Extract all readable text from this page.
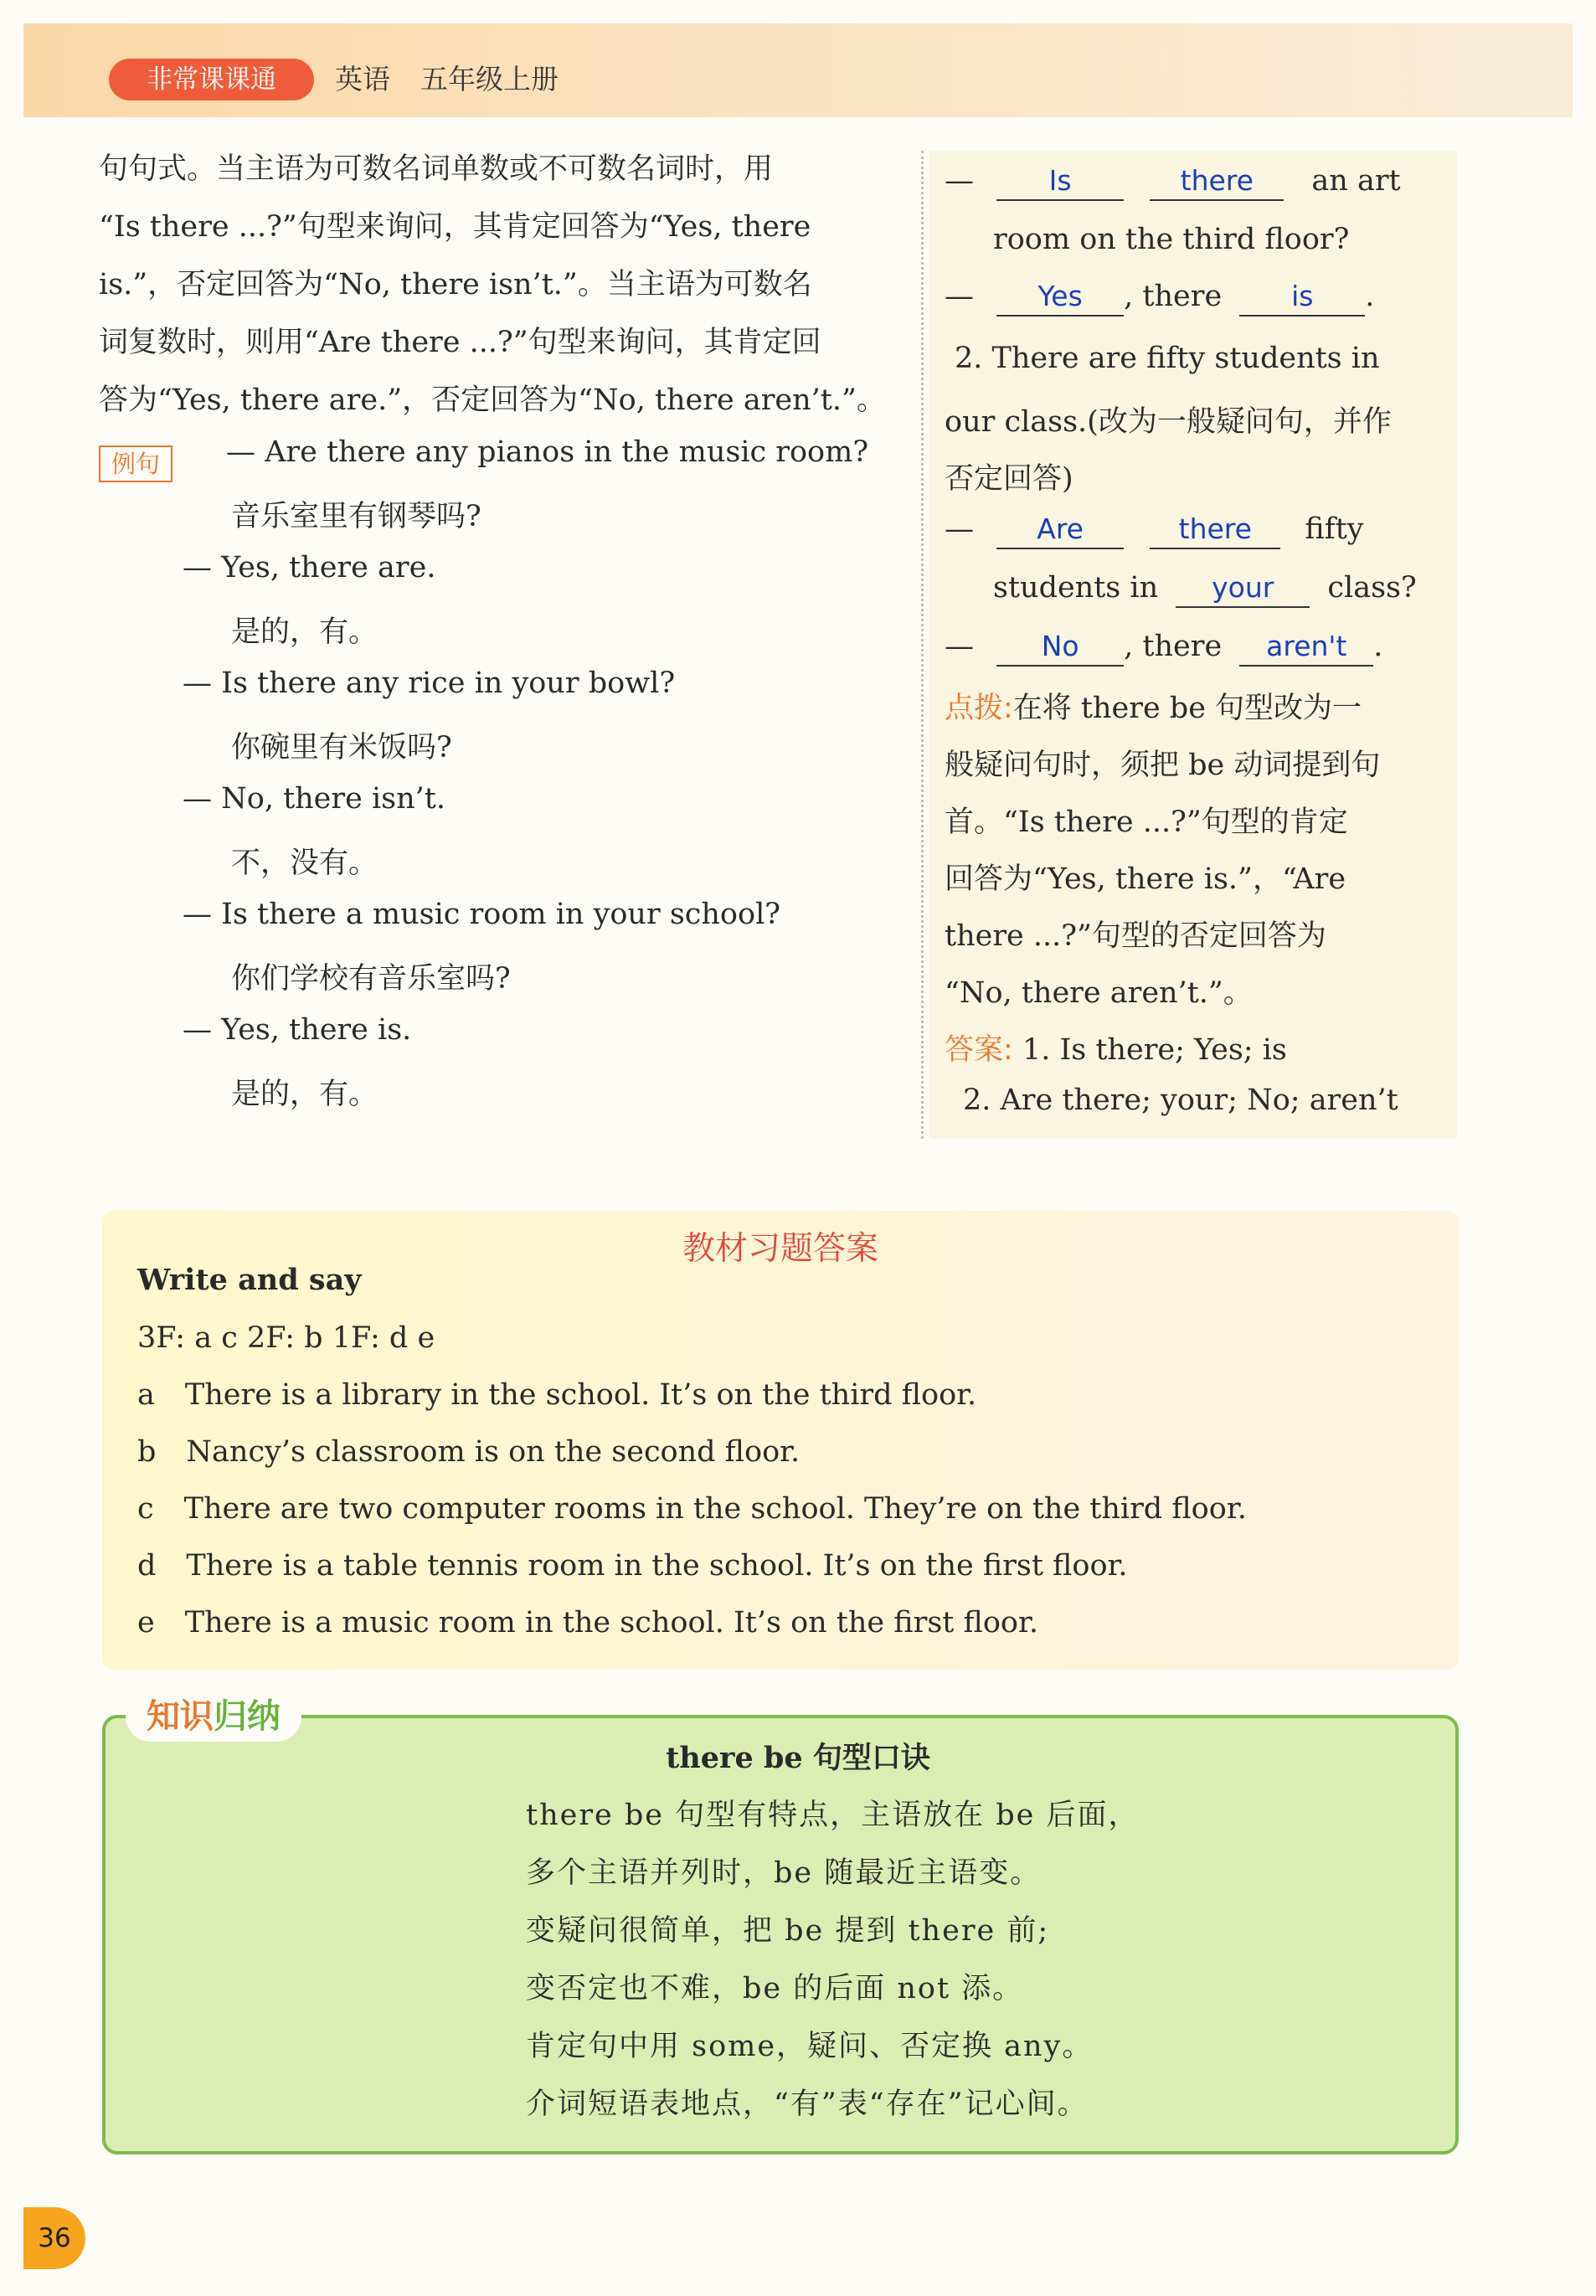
非常课课通	英语 五年级上册

句句式。当主语为可数名词单数或不可数名词时，用

“Is there ...?”句型来询问，其肯定回答为“Yes, there

is.”，否定回答为“No, there isn’t.”。当主语为可数名

词复数时，则用“Are there ...?”句型来询问，其肯定回

答为“Yes, there are.”，否定回答为“No, there aren’t.”。

例句	— Are there any pianos in the music room?
音乐室里有钢琴吗?
— Yes, there are.
是的，有。
— Is there any rice in your bowl?
你碗里有米饭吗?
— No, there isn’t.
不，没有。
— Is there a music room in your school?
你们学校有音乐室吗?
— Yes, there is.
是的，有。
—	Is	there an art
room on the third floor?
— Yes , there	is .
2. There are fifty students in
our class.(改为一般疑问句，并作
否定回答)
— Are	there fifty
students in your class?
— No , there aren't .
点拨:在将 there be 句型改为一
般疑问句时，须把 be 动词提到句
首。“Is there ...?”句型的肯定
回答为“Yes, there is.”，“Are
there ...?”句型的否定回答为
“No, there aren’t.”。
答案: 1. Is there; Yes; is
2. Are there; your; No; aren’t
教材习题答案
Write and say
3F: a c 2F: b 1F: d e
a There is a library in the school. It’s on the third floor.
b Nancy’s classroom is on the second floor.
c There are two computer rooms in the school. They’re on the third floor.
d There is a table tennis room in the school. It’s on the first floor.
e There is a music room in the school. It’s on the first floor.
知识归纳
there be 句型口诀
there be 句型有特点，主语放在 be 后面，
多个主语并列时，be 随最近主语变。
变疑问很简单，把 be 提到 there 前;
变否定也不难，be 的后面 not 添。
肯定句中用 some，疑问、否定换 any。
介词短语表地点，“有”表“存在”记心间。
36
